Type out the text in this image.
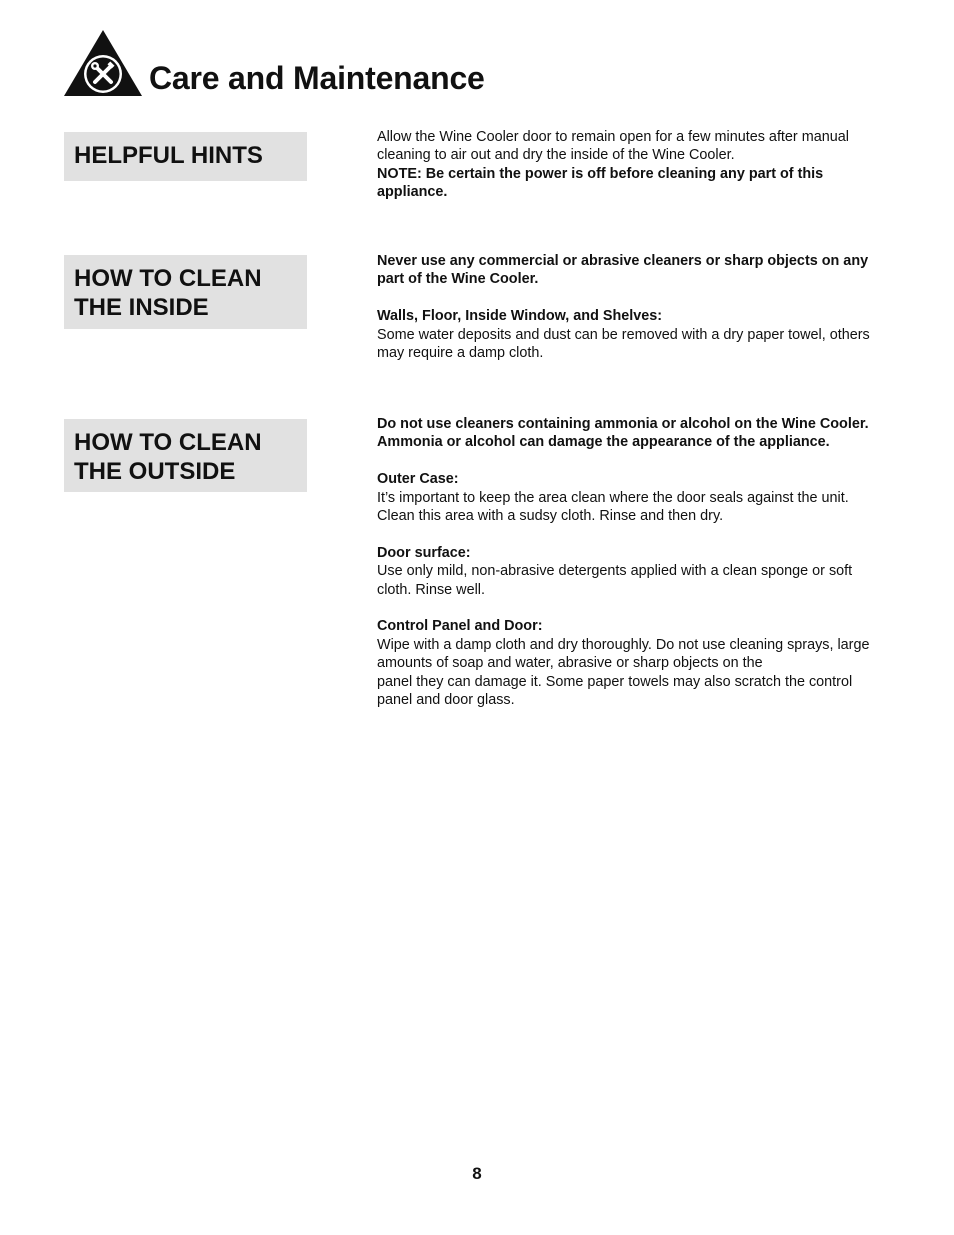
Care and Maintenance
HELPFUL HINTS

Allow the Wine Cooler door to remain open for a few minutes after manual cleaning to air out and dry the inside of the Wine Cooler.

NOTE: Be certain the power is off before cleaning any part of this appliance.

HOW TO CLEAN
THE INSIDE

Never use any commercial or abrasive cleaners or sharp objects on any part of the Wine Cooler.

Walls, Floor, Inside Window, and Shelves:

Some water deposits and dust can be removed with a dry paper towel, others may require a damp cloth.

HOW TO CLEAN
THE OUTSIDE

Do not use cleaners containing ammonia or alcohol on the Wine Cooler. Ammonia or alcohol can damage the appearance of the appliance.

Outer Case:

It’s important to keep the area clean where the door seals against the unit. Clean this area with a sudsy cloth. Rinse and then dry.

Door surface:

Use only mild, non-abrasive detergents applied with a clean sponge or soft cloth. Rinse well.

Control Panel and Door:

Wipe with a damp cloth and dry thoroughly. Do not use cleaning sprays, large amounts of soap and water, abrasive or sharp objects on the

panel they can damage it. Some paper towels may also scratch the control panel and door glass.

8
